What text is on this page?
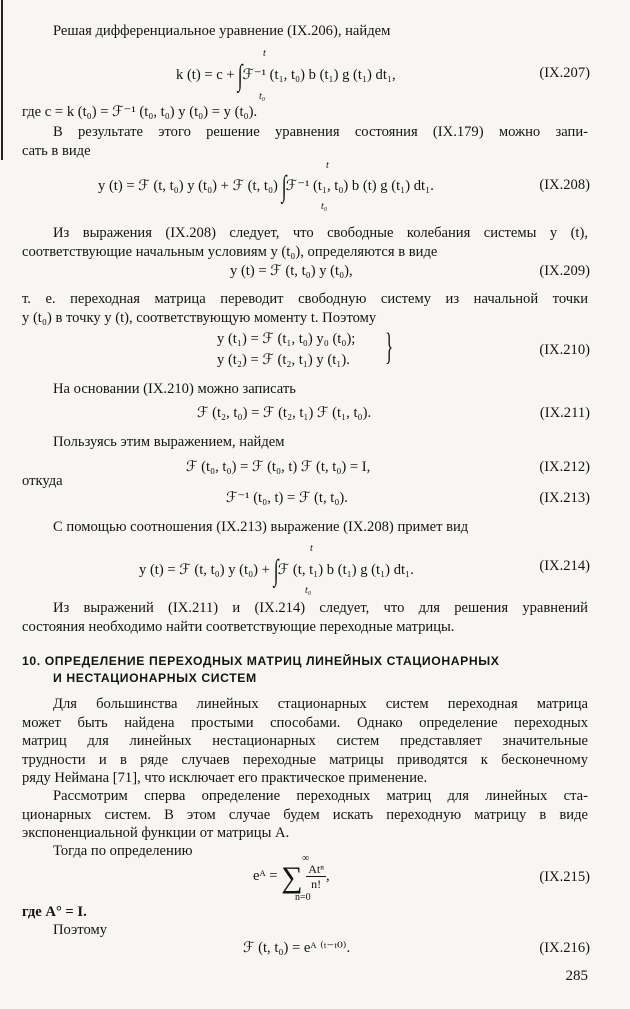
Решая дифференциальное уравнение (IX.206), найдем
k (t) = c + ∫ℱ⁻¹ (t₁, t₀) b (t₁) g (t₁) dt₁,
t
t₀
(IX.207)
где c = k (t₀) = ℱ⁻¹ (t₀, t₀) y (t₀) = y (t₀).
В результате этого решение уравнения состояния (IX.179) можно запи-
сать в виде
y (t) = ℱ (t, t₀) y (t₀) + ℱ (t, t₀) ∫ℱ⁻¹ (t₁, t₀) b (t) g (t₁) dt₁.
t
t₀
(IX.208)
Из выражения (IX.208) следует, что свободные колебания системы y (t),
соответствующие начальным условиям y (t₀), определяются в виде
y (t) = ℱ (t, t₀) y (t₀),	(IX.209)
т. е. переходная матрица переводит свободную систему из начальной точки
y (t₀) в точку y (t), соответствующую моменту t. Поэтому
y (t₁) = ℱ (t₁, t₀) y₀ (t₀);
y (t₂) = ℱ (t₂, t₁) y (t₁). }	(IX.210)
На основании (IX.210) можно записать
ℱ (t₂, t₀) = ℱ (t₂, t₁) ℱ (t₁, t₀).	(IX.211)
Пользуясь этим выражением, найдем
ℱ (t₀, t₀) = ℱ (t₀, t) ℱ (t, t₀) = I,	(IX.212)
откуда
ℱ⁻¹ (t₀, t) = ℱ (t, t₀).	(IX.213)
С помощью соотношения (IX.213) выражение (IX.208) примет вид
y (t) = ℱ (t, t₀) y (t₀) + ∫ℱ (t, t₁) b (t₁) g (t₁) dt₁.
t
t₀
(IX.214)
Из выражений (IX.211) и (IX.214) следует, что для решения уравнений
состояния необходимо найти соответствующие переходные матрицы.
10. ОПРЕДЕЛЕНИЕ ПЕРЕХОДНЫХ МАТРИЦ ЛИНЕЙНЫХ СТАЦИОНАРНЫХ
И НЕСТАЦИОНАРНЫХ СИСТЕМ
Для большинства линейных стационарных систем переходная матрица
может быть найдена простыми способами. Однако определение переходных
матриц для линейных нестационарных систем представляет значительные
трудности и в ряде случаев переходные матрицы приводятся к бесконечному
ряду Неймана [71], что исключает его практическое применение.
Рассмотрим сперва определение переходных матриц для линейных ста-
ционарных систем. В этом случае будем искать переходную матрицу в виде
экспоненциальной функции от матрицы A.
Тогда по определению
eᴬ = ∑ $\frac{\text{Atⁿ}}{n!}$ ,
∞
n=0
(IX.215)
где A° = I.
Поэтому
ℱ (t, t₀) = eᴬ ⁽ᵗ⁻ᵗ⁰⁾.	(IX.216)
285
